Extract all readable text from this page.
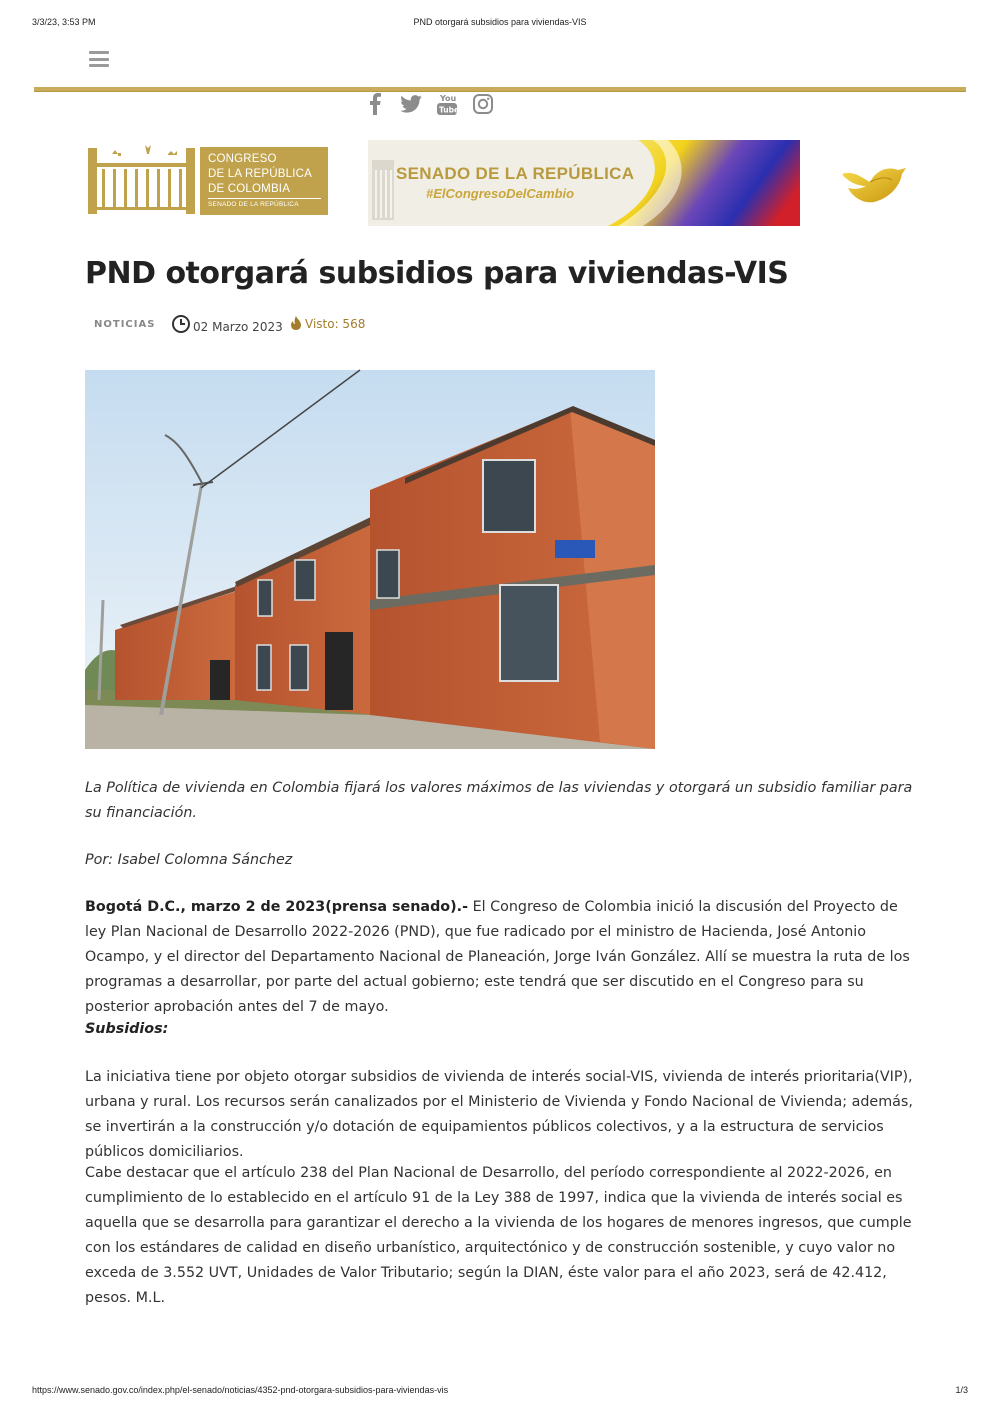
3/3/23, 3:53 PM	PND otorgará subsidios para viviendas-VIS
You
Tube
CONGRESO
DE LA REPÚBLICA
DE COLOMBIA
SENADO DE LA REPÚBLICA
SENADO DE LA REPÚBLICA
#ElCongresoDelCambio
PND otorgará subsidios para viviendas-VIS
NOTICIAS	02 Marzo 2023 Visto: 568

La Política de vivienda en Colombia fijará los valores máximos de las viviendas y otorgará un subsidio familiar para su financiación.

Por: Isabel Colomna Sánchez

Bogotá D.C., marzo 2 de 2023(prensa senado).- El Congreso de Colombia inició la discusión del Proyecto de ley Plan Nacional de Desarrollo 2022-2026 (PND), que fue radicado por el ministro de Hacienda, José Antonio Ocampo, y el director del Departamento Nacional de Planeación, Jorge Iván González. Allí se muestra la ruta de los programas a desarrollar, por parte del actual gobierno; este tendrá que ser discutido en el Congreso para su posterior aprobación antes del 7 de mayo.

Subsidios:

La iniciativa tiene por objeto otorgar subsidios de vivienda de interés social-VIS, vivienda de interés prioritaria(VIP), urbana y rural. Los recursos serán canalizados por el Ministerio de Vivienda y Fondo Nacional de Vivienda; además, se invertirán a la construcción y/o dotación de equipamientos públicos colectivos, y a la estructura de servicios públicos domiciliarios.

Cabe destacar que el artículo 238 del Plan Nacional de Desarrollo, del período correspondiente al 2022-2026, en cumplimiento de lo establecido en el artículo 91 de la Ley 388 de 1997, indica que la vivienda de interés social es aquella que se desarrolla para garantizar el derecho a la vivienda de los hogares de menores ingresos, que cumple con los estándares de calidad en diseño urbanístico, arquitectónico y de construcción sostenible, y cuyo valor no exceda de 3.552 UVT, Unidades de Valor Tributario; según la DIAN, éste valor para el año 2023, será de 42.412, pesos. M.L.

https://www.senado.gov.co/index.php/el-senado/noticias/4352-pnd-otorgara-subsidios-para-viviendas-vis	1/3
